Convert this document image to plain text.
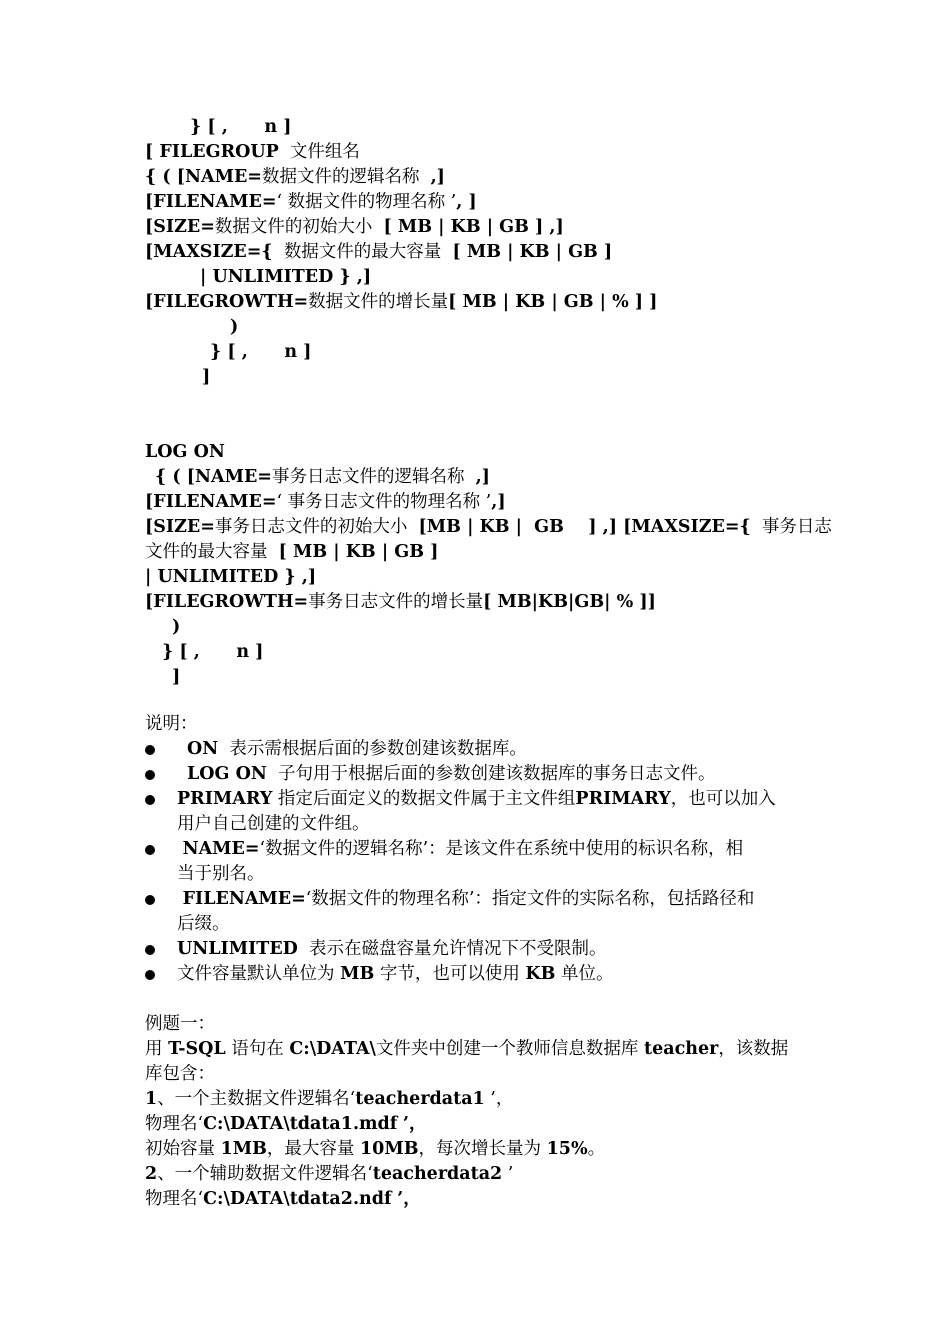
} [ ,      n ]
[ FILEGROUP 文件组名
{ ( [NAME=数据文件的逻辑名称 ,]
[FILENAME=‘ 数据文件的物理名称 ’, ]
[SIZE=数据文件的初始大小 [ MB | KB | GB ] ,]
[MAXSIZE={ 数据文件的最大容量 [ MB | KB | GB ]
| UNLIMITED } ,]
[FILEGROWTH=数据文件的增长量[ MB | KB | GB | % ] ]
)
} [ ,      n ]
]
LOG ON
{ ( [NAME=事务日志文件的逻辑名称 ,]
[FILENAME=‘ 事务日志文件的物理名称 ’,]
[SIZE=事务日志文件的初始大小 [MB | KB |  GB    ] ,] [MAXSIZE={ 事务日志
文件的最大容量 [ MB | KB | GB ]
| UNLIMITED } ,]
[FILEGROWTH=事务日志文件的增长量[ MB|KB|GB| % ]]
)
} [ ,      n ]
]
说明：
ON 表示需根据后面的参数创建该数据库。
LOG ON 子句用于根据后面的参数创建该数据库的事务日志文件。
PRIMARY 指定后面定义的数据文件属于主文件组PRIMARY，也可以加入
用户自己创建的文件组。
NAME=‘数据文件的逻辑名称’：是该文件在系统中使用的标识名称，相
当于别名。
FILENAME=‘数据文件的物理名称’：指定文件的实际名称，包括路径和
后缀。
UNLIMITED 表示在磁盘容量允许情况下不受限制。
文件容量默认单位为 MB 字节，也可以使用 KB 单位。
例题一：
用 T-SQL 语句在 C:\DATA\文件夹中创建一个教师信息数据库 teacher，该数据
库包含：
1、一个主数据文件逻辑名‘teacherdata1 ’，
物理名‘C:\DATA\tdata1.mdf ’，
初始容量 1MB，最大容量 10MB，每次增长量为 15%。
2、一个辅助数据文件逻辑名‘teacherdata2 ’
物理名‘C:\DATA\tdata2.ndf ’，
